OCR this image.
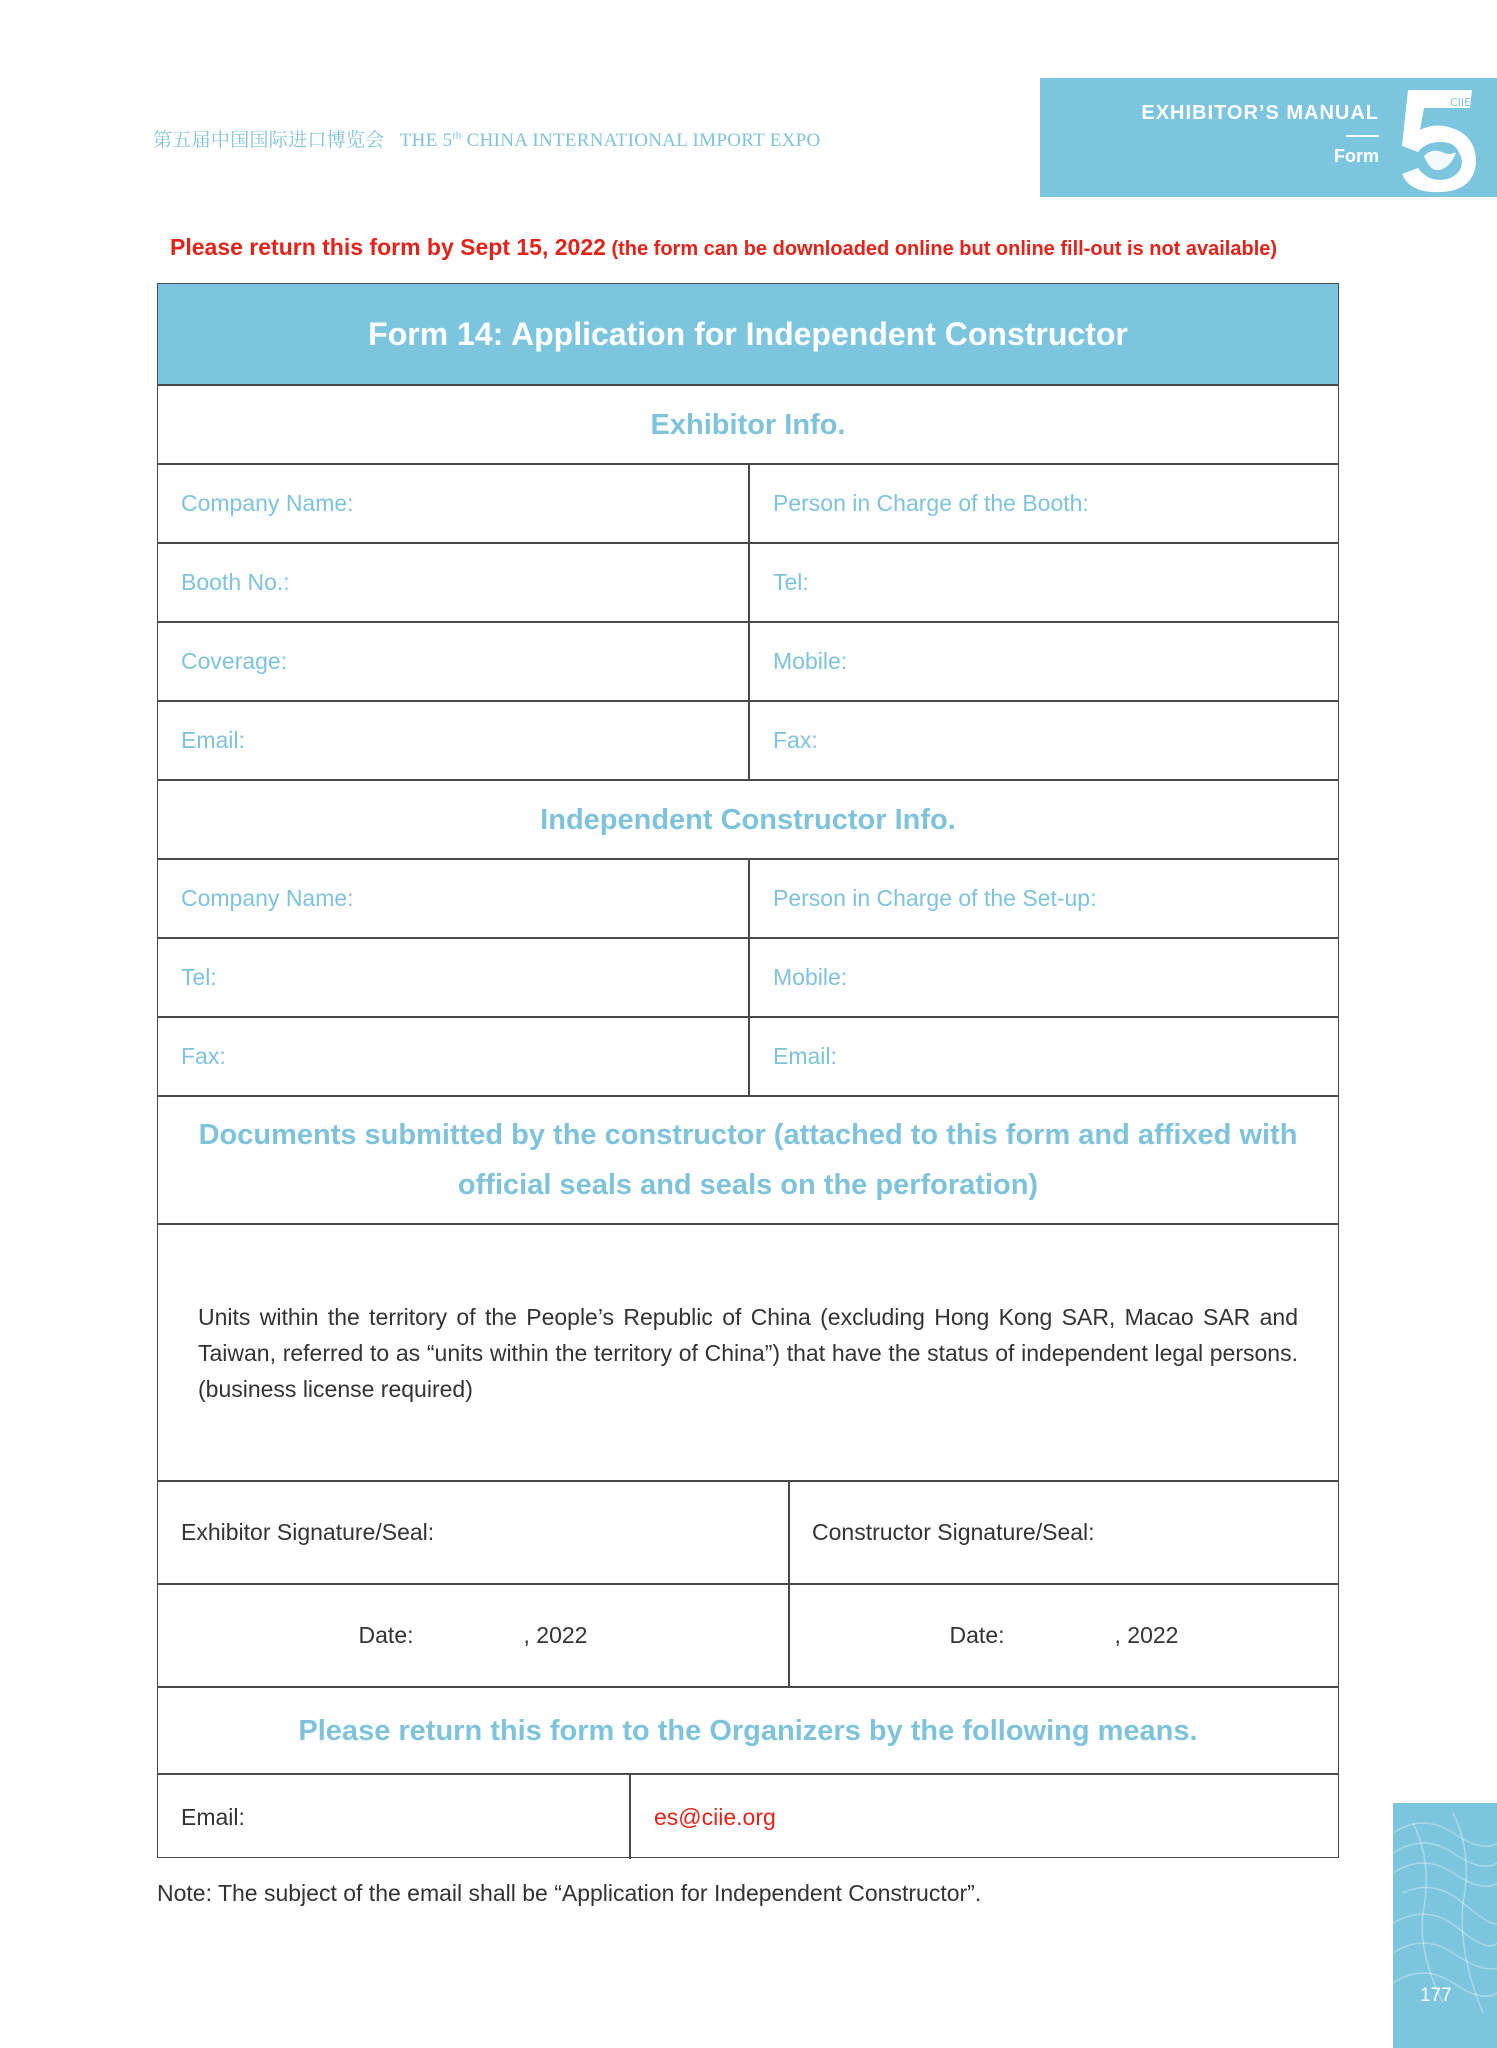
第五届中国国际进口博览会 THE 5th CHINA INTERNATIONAL IMPORT EXPO
EXHIBITOR’S MANUAL
Form
CIIE
Please return this form by Sept 15, 2022 (the form can be downloaded online but online fill-out is not available)
Form 14: Application for Independent Constructor
Exhibitor Info.
Company Name:	Person in Charge of the Booth:
Booth No.:	Tel:
Coverage:	Mobile:
Email:	Fax:
Independent Constructor Info.
Company Name:	Person in Charge of the Set-up:
Tel:	Mobile:
Fax:	Email:
Documents submitted by the constructor (attached to this form and affixed with official seals and seals on the perforation)
Units within the territory of the People’s Republic of China (excluding Hong Kong SAR, Macao SAR and Taiwan, referred to as “units within the territory of China”) that have the status of independent legal persons. (business license required)
Exhibitor Signature/Seal:	Constructor Signature/Seal:
Date:	, 2022	Date:	, 2022
Please return this form to the Organizers by the following means.
Email:	es@ciie.org
Note: The subject of the email shall be “Application for Independent Constructor”.
177
